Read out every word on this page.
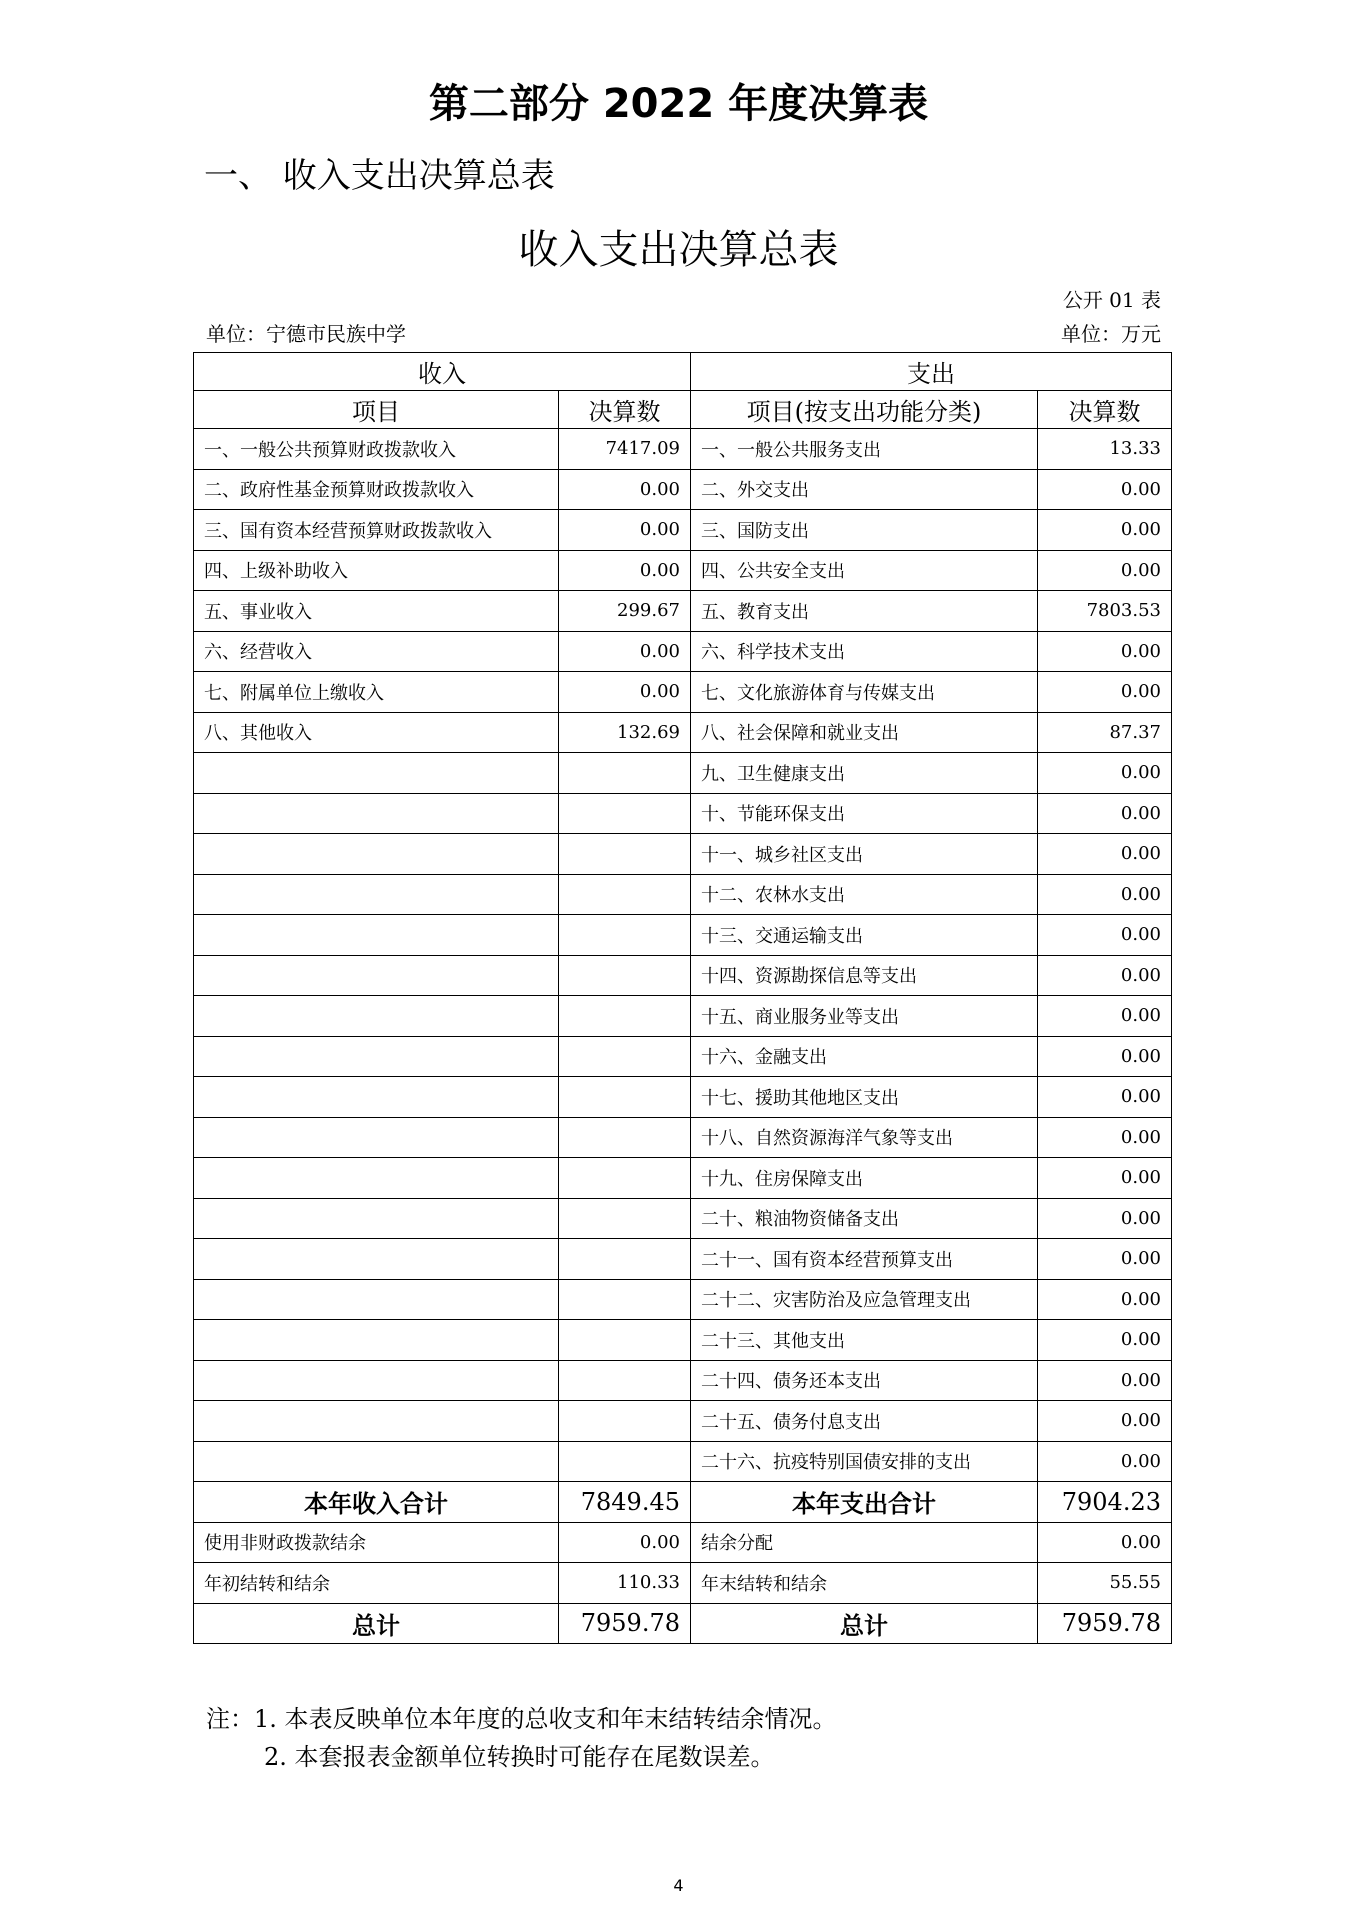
第二部分 2022 年度决算表
一、 收入支出决算总表
收入支出决算总表
公开 01 表
单位：宁德市民族中学	单位：万元
收入		支出	
项目	决算数	项目(按支出功能分类)	决算数
一、一般公共预算财政拨款收入	7417.09	一、一般公共服务支出	13.33
二、政府性基金预算财政拨款收入	0.00	二、外交支出	0.00
三、国有资本经营预算财政拨款收入	0.00	三、国防支出	0.00
四、上级补助收入	0.00	四、公共安全支出	0.00
五、事业收入	299.67	五、教育支出	7803.53
六、经营收入	0.00	六、科学技术支出	0.00
七、附属单位上缴收入	0.00	七、文化旅游体育与传媒支出	0.00
八、其他收入	132.69	八、社会保障和就业支出	87.37
		九、卫生健康支出	0.00
		十、节能环保支出	0.00
		十一、城乡社区支出	0.00
		十二、农林水支出	0.00
		十三、交通运输支出	0.00
		十四、资源勘探信息等支出	0.00
		十五、商业服务业等支出	0.00
		十六、金融支出	0.00
		十七、援助其他地区支出	0.00
		十八、自然资源海洋气象等支出	0.00
		十九、住房保障支出	0.00
		二十、粮油物资储备支出	0.00
		二十一、国有资本经营预算支出	0.00
		二十二、灾害防治及应急管理支出	0.00
		二十三、其他支出	0.00
		二十四、债务还本支出	0.00
		二十五、债务付息支出	0.00
		二十六、抗疫特别国债安排的支出	0.00
本年收入合计	7849.45	本年支出合计	7904.23
使用非财政拨款结余	0.00	结余分配	0.00
年初结转和结余	110.33	年末结转和结余	55.55
总计	7959.78	总计	7959.78
注：1. 本表反映单位本年度的总收支和年末结转结余情况。
2. 本套报表金额单位转换时可能存在尾数误差。
4
